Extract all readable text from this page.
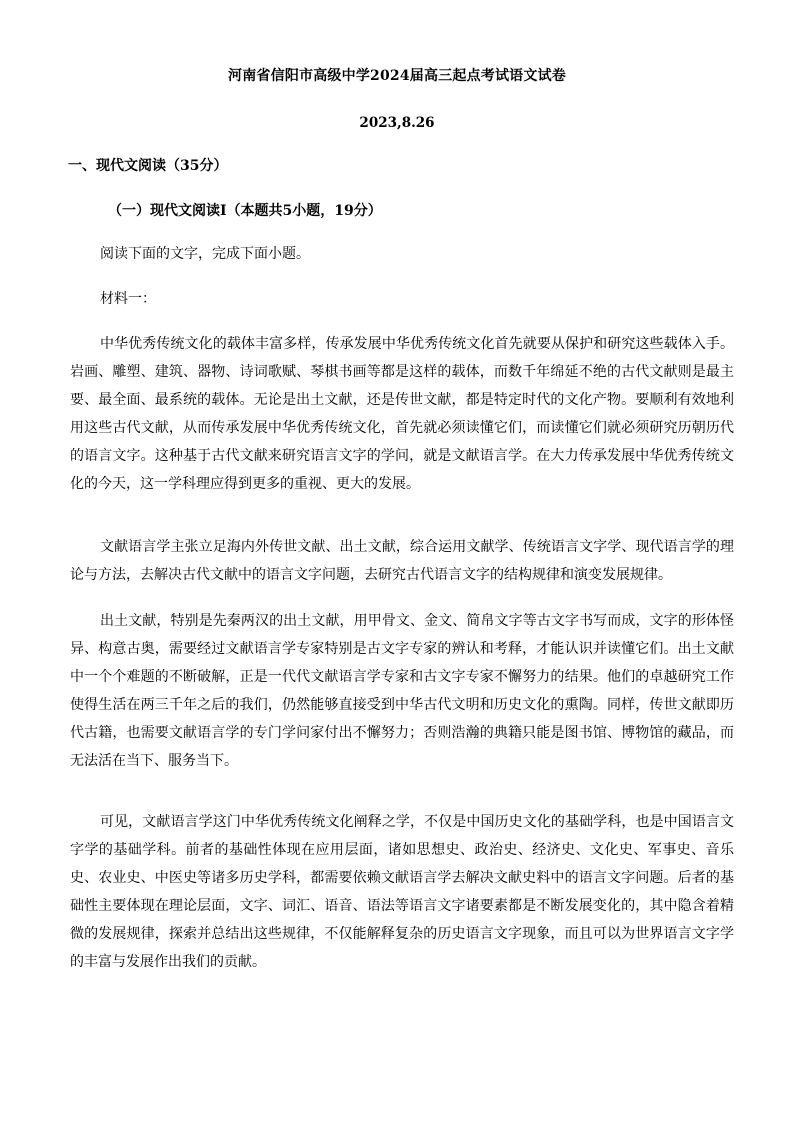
河南省信阳市高级中学2024届高三起点考试语文试卷
2023,8.26
一、现代文阅读（35分）
（一）现代文阅读Ⅰ（本题共5小题，19分）
阅读下面的文字，完成下面小题。
材料一：

中华优秀传统文化的载体丰富多样，传承发展中华优秀传统文化首先就要从保护和研究这些载体入手。岩画、雕塑、建筑、器物、诗词歌赋、琴棋书画等都是这样的载体，而数千年绵延不绝的古代文献则是最主要、最全面、最系统的载体。无论是出土文献，还是传世文献，都是特定时代的文化产物。要顺利有效地利用这些古代文献，从而传承发展中华优秀传统文化，首先就必须读懂它们，而读懂它们就必须研究历朝历代的语言文字。这种基于古代文献来研究语言文字的学问，就是文献语言学。在大力传承发展中华优秀传统文化的今天，这一学科理应得到更多的重视、更大的发展。

文献语言学主张立足海内外传世文献、出土文献，综合运用文献学、传统语言文字学、现代语言学的理论与方法，去解决古代文献中的语言文字问题，去研究古代语言文字的结构规律和演变发展规律。

出土文献，特别是先秦两汉的出土文献，用甲骨文、金文、简帛文字等古文字书写而成，文字的形体怪异、构意古奥，需要经过文献语言学专家特别是古文字专家的辨认和考释，才能认识并读懂它们。出土文献中一个个难题的不断破解，正是一代代文献语言学专家和古文字专家不懈努力的结果。他们的卓越研究工作使得生活在两三千年之后的我们，仍然能够直接受到中华古代文明和历史文化的熏陶。同样，传世文献即历代古籍，也需要文献语言学的专门学问家付出不懈努力；否则浩瀚的典籍只能是图书馆、博物馆的藏品，而无法活在当下、服务当下。

可见，文献语言学这门中华优秀传统文化阐释之学，不仅是中国历史文化的基础学科，也是中国语言文字学的基础学科。前者的基础性体现在应用层面，诸如思想史、政治史、经济史、文化史、军事史、音乐史、农业史、中医史等诸多历史学科，都需要依赖文献语言学去解决文献史料中的语言文字问题。后者的基础性主要体现在理论层面，文字、词汇、语音、语法等语言文字诸要素都是不断发展变化的，其中隐含着精微的发展规律，探索并总结出这些规律，不仅能解释复杂的历史语言文字现象，而且可以为世界语言文字学的丰富与发展作出我们的贡献。
